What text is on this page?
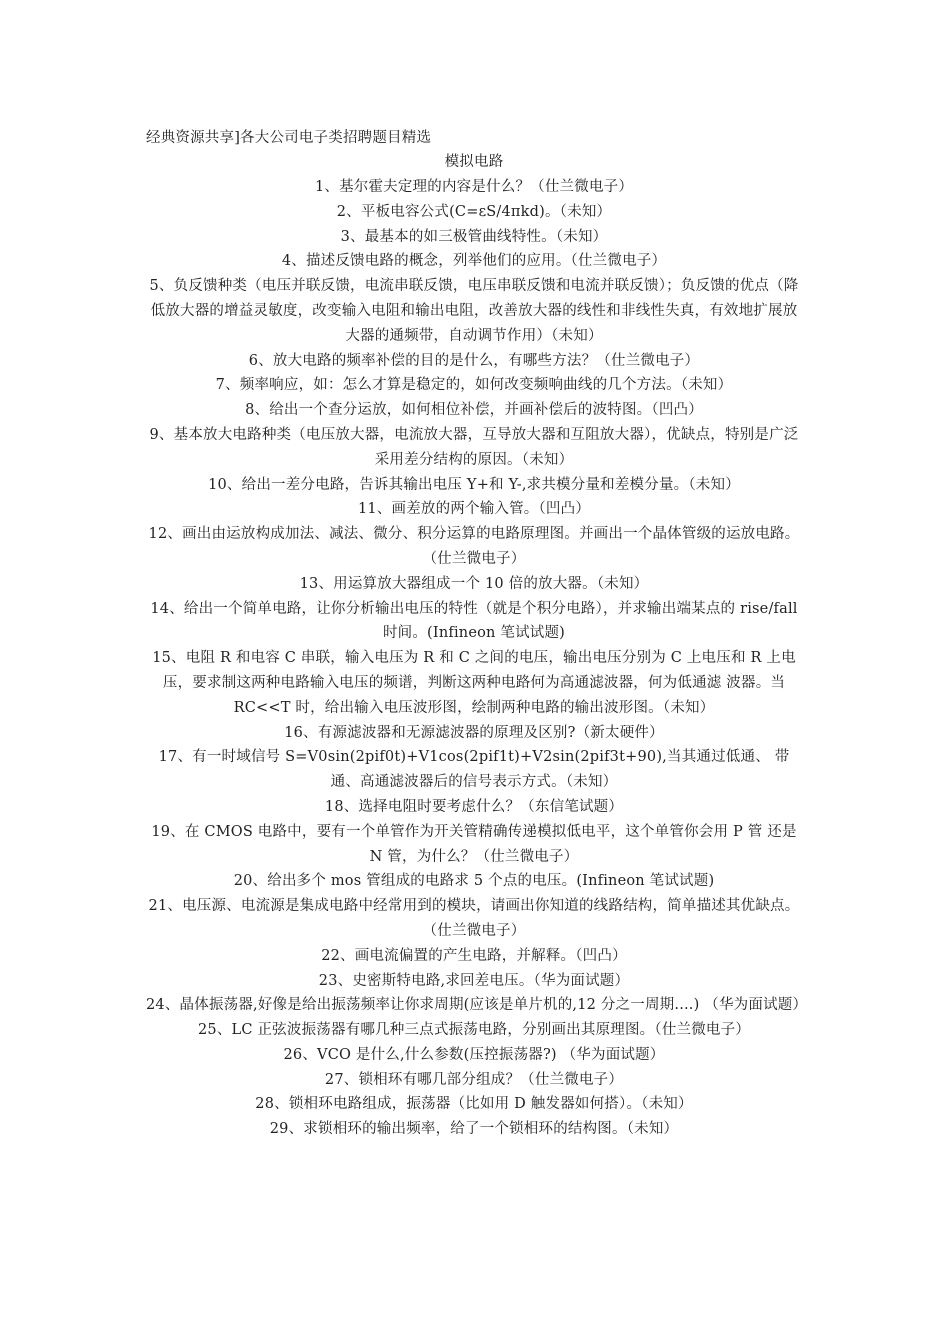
经典资源共享]各大公司电子类招聘题目精选
模拟电路
1、基尔霍夫定理的内容是什么？（仕兰微电子）
2、平板电容公式(C=εS/4πkd)。（未知）
3、最基本的如三极管曲线特性。（未知）
4、描述反馈电路的概念，列举他们的应用。（仕兰微电子）
5、负反馈种类（电压并联反馈，电流串联反馈，电压串联反馈和电流并联反馈）；负反馈的优点（降低放大器的增益灵敏度，改变输入电阻和输出电阻，改善放大器的线性和非线性失真，有效地扩展放大器的通频带，自动调节作用）（未知）
6、放大电路的频率补偿的目的是什么，有哪些方法？（仕兰微电子）
7、频率响应，如：怎么才算是稳定的，如何改变频响曲线的几个方法。（未知）
8、给出一个查分运放，如何相位补偿，并画补偿后的波特图。（凹凸）
9、基本放大电路种类（电压放大器，电流放大器，互导放大器和互阻放大器），优缺点，特别是广泛采用差分结构的原因。（未知）
10、给出一差分电路，告诉其输出电压 Y+和 Y-,求共模分量和差模分量。（未知）
11、画差放的两个输入管。（凹凸）
12、画出由运放构成加法、减法、微分、积分运算的电路原理图。并画出一个晶体管级的运放电路。（仕兰微电子）
13、用运算放大器组成一个 10 倍的放大器。（未知）
14、给出一个简单电路，让你分析输出电压的特性（就是个积分电路），并求输出端某点的 rise/fall 时间。(Infineon 笔试试题)
15、电阻 R 和电容 C 串联，输入电压为 R 和 C 之间的电压，输出电压分别为 C 上电压和 R 上电 压，要求制这两种电路输入电压的频谱，判断这两种电路何为高通滤波器，何为低通滤 波器。当 RC<<T 时，给出输入电压波形图，绘制两种电路的输出波形图。（未知）
16、有源滤波器和无源滤波器的原理及区别?（新太硬件）
17、有一时域信号 S=V0sin(2pif0t)+V1cos(2pif1t)+V2sin(2pif3t+90),当其通过低通、 带通、高通滤波器后的信号表示方式。（未知）
18、选择电阻时要考虑什么？（东信笔试题）
19、在 CMOS 电路中，要有一个单管作为开关管精确传递模拟低电平，这个单管你会用 P 管 还是 N 管，为什么？（仕兰微电子）
20、给出多个 mos 管组成的电路求 5 个点的电压。(Infineon 笔试试题)
21、电压源、电流源是集成电路中经常用到的模块，请画出你知道的线路结构，简单描述其优缺点。（仕兰微电子）
22、画电流偏置的产生电路，并解释。（凹凸）
23、史密斯特电路,求回差电压。（华为面试题）
24、晶体振荡器,好像是给出振荡频率让你求周期(应该是单片机的,12 分之一周期....) （华为面试题）
25、LC 正弦波振荡器有哪几种三点式振荡电路，分别画出其原理图。（仕兰微电子）
26、VCO 是什么,什么参数(压控振荡器?) （华为面试题）
27、锁相环有哪几部分组成？（仕兰微电子）
28、锁相环电路组成，振荡器（比如用 D 触发器如何搭）。（未知）
29、求锁相环的输出频率，给了一个锁相环的结构图。（未知）
